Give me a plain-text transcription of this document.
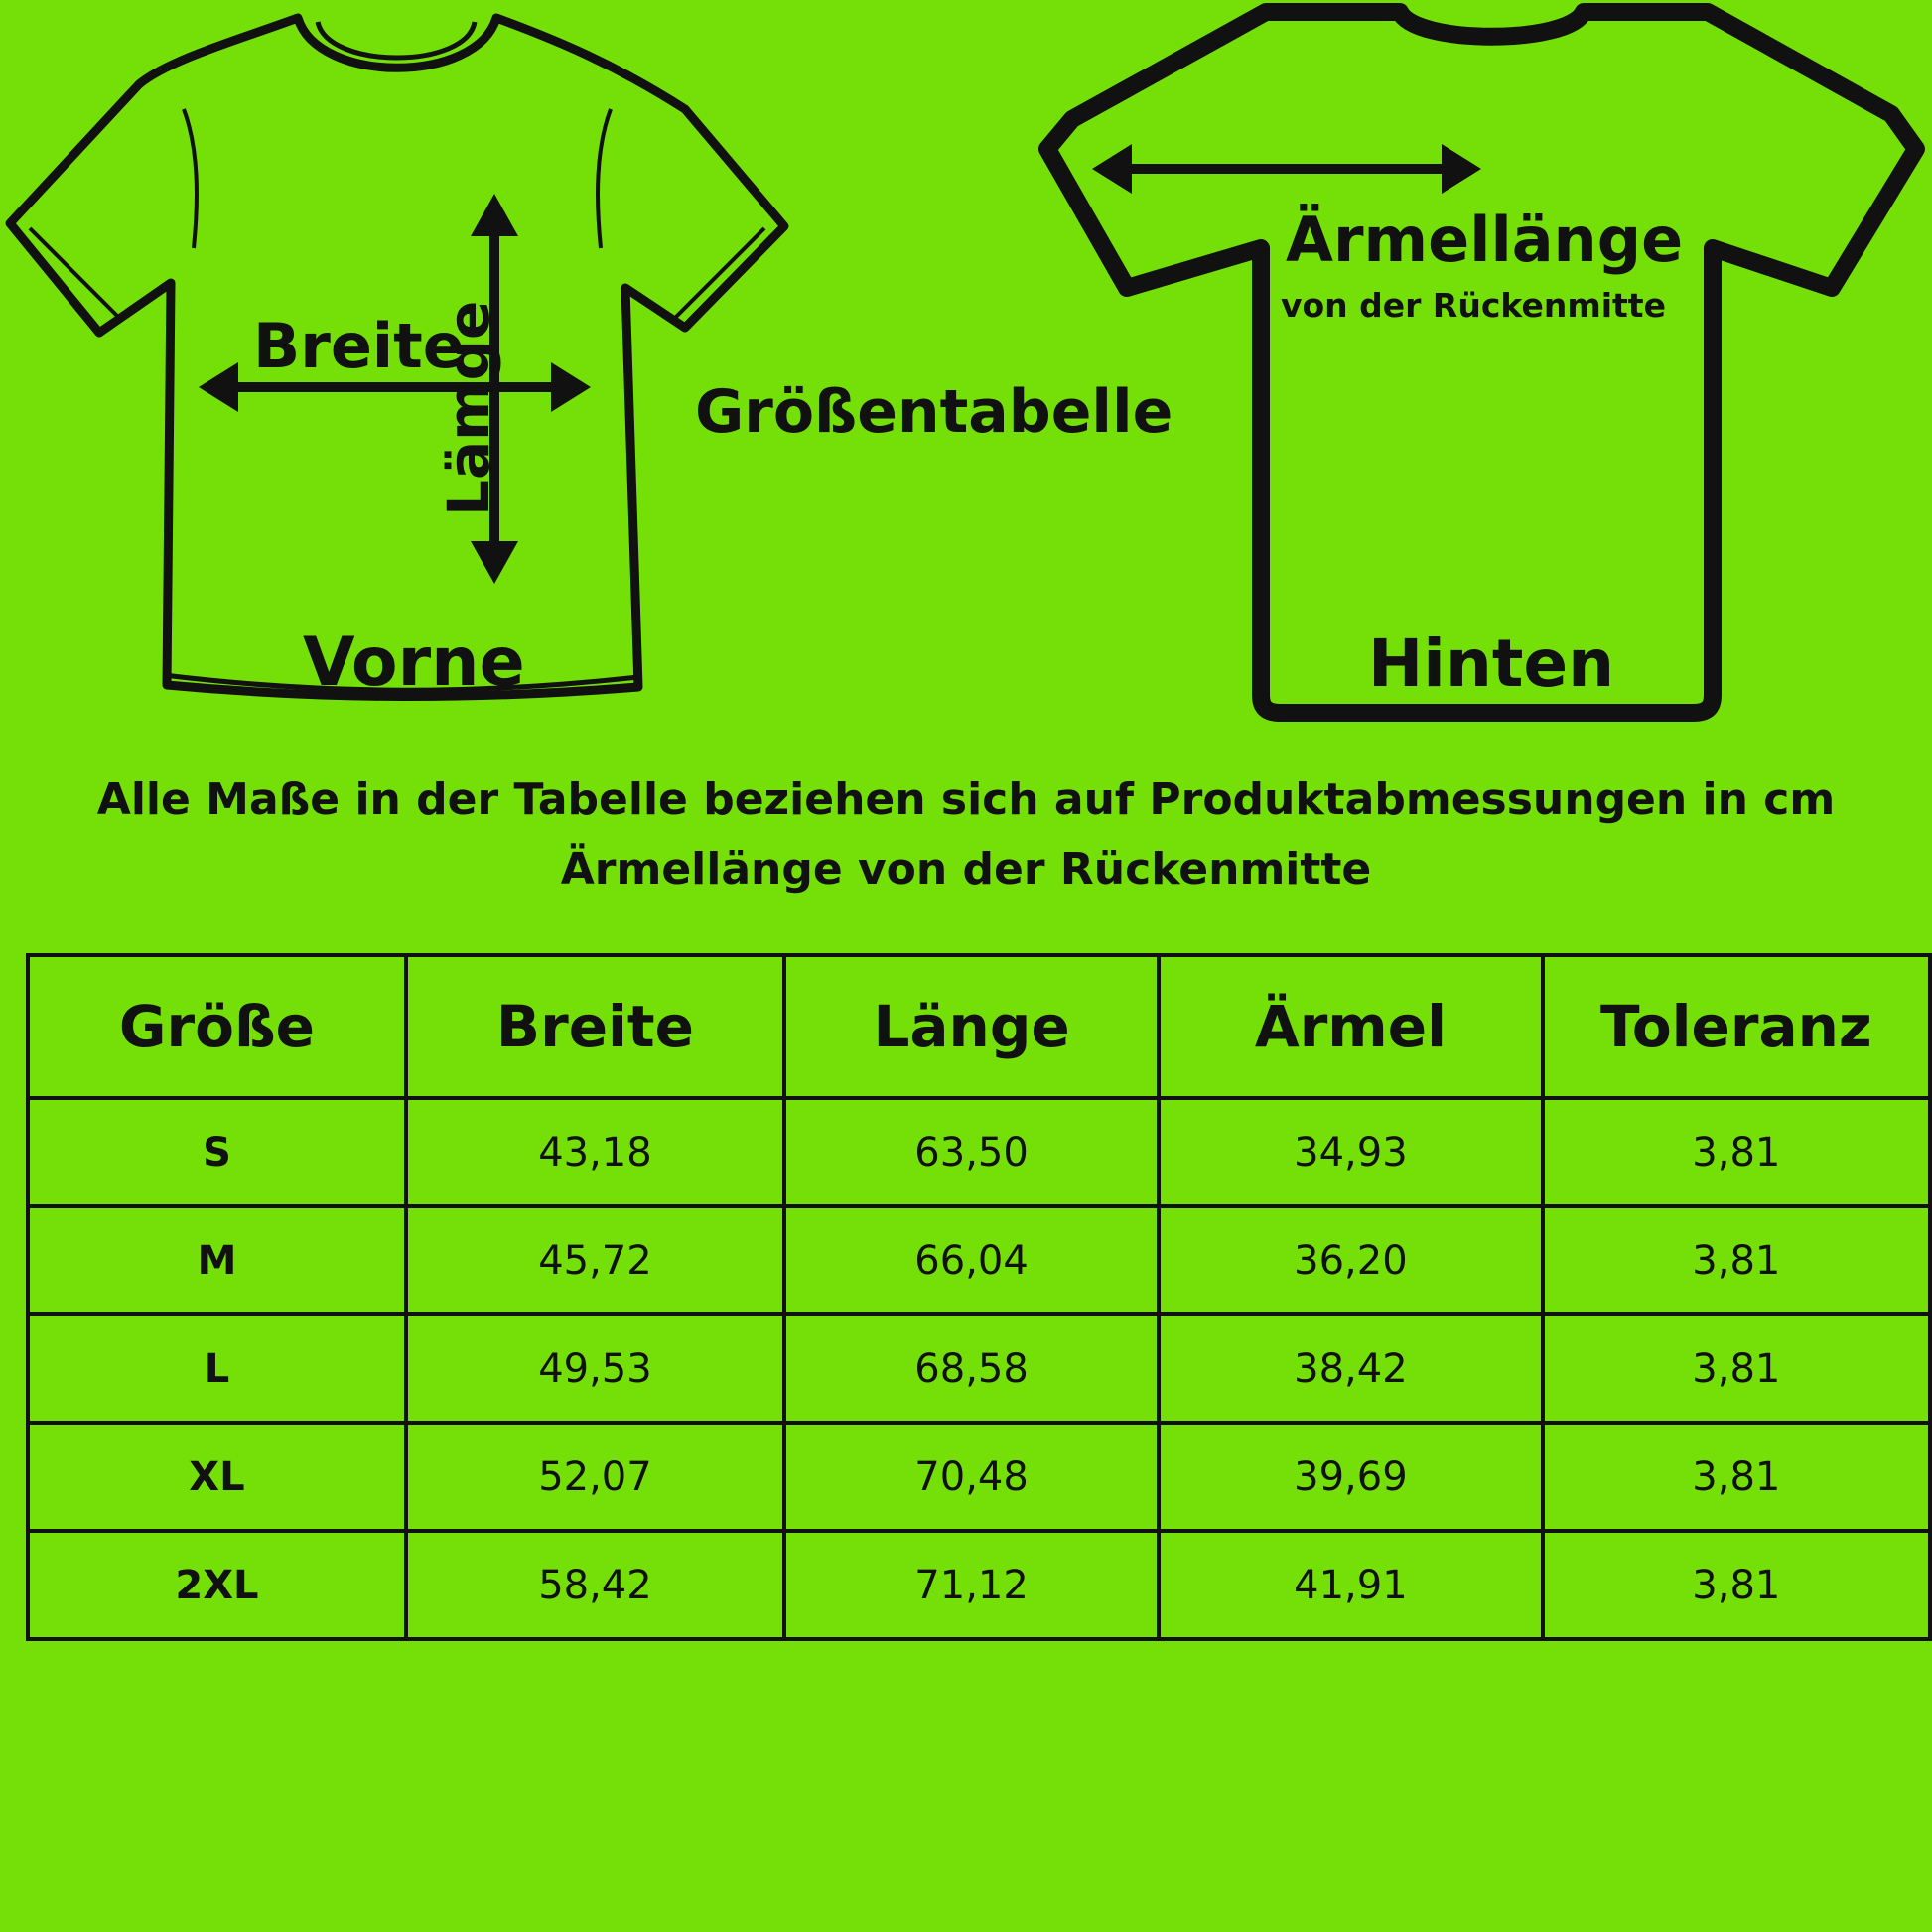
Breite
Lämge
Vorne
Größentabelle
Ärmellänge
von der Rückenmitte
Hinten
Alle Maße in der Tabelle beziehen sich auf Produktabmessungen in cm
Ärmellänge von der Rückenmitte
Größe	Breite	Länge	Ärmel	Toleranz
S	43,18	63,50	34,93	3,81
M	45,72	66,04	36,20	3,81
L	49,53	68,58	38,42	3,81
XL	52,07	70,48	39,69	3,81
2XL	58,42	71,12	41,91	3,81
